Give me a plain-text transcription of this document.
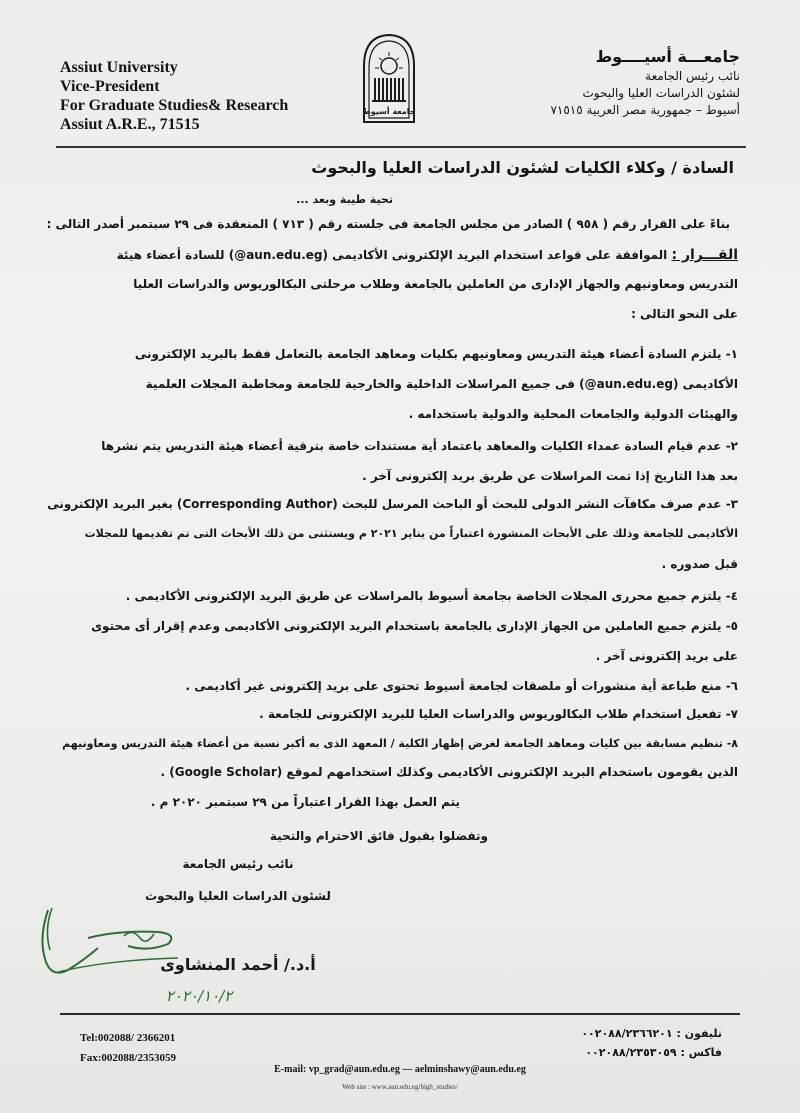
Assiut University
Vice-President
For Graduate Studies& Research
Assiut A.R.E., 71515
جامعة أسيوط
جامعـــة أسيــــوط
نائب رئيس الجامعة
لشئون الدراسات العليا والبحوث
أسيوط – جمهورية مصر العربية ٧١٥١٥
السادة / وكلاء الكليات لشئون الدراسات العليا والبحوث
تحية طيبة وبعد ...
بناءً على القرار رقم ( ٩٥٨ ) الصادر من مجلس الجامعة فى جلسته رقم ( ٧١٣ ) المنعقدة فى ٢٩ سبتمبر أصدر التالى :
القـــرار : الموافقة على قواعد استخدام البريد الإلكترونى الأكاديمى (aun.edu.eg@) للسادة أعضاء هيئة
التدريس ومعاونيهم والجهاز الإدارى من العاملين بالجامعة وطلاب مرحلتى البكالوريوس والدراسات العليا
على النحو التالى :
١- يلتزم السادة أعضاء هيئة التدريس ومعاونيهم بكليات ومعاهد الجامعة بالتعامل فقط بالبريد الإلكترونى
الأكاديمى (aun.edu.eg@) فى جميع المراسلات الداخلية والخارجية للجامعة ومخاطبة المجلات العلمية
والهيئات الدولية والجامعات المحلية والدولية باستخدامه .
٢- عدم قيام السادة عمداء الكليات والمعاهد باعتماد أية مستندات خاصة بترقية أعضاء هيئة التدريس يتم نشرها
بعد هذا التاريخ إذا تمت المراسلات عن طريق بريد إلكترونى آخر .
٣- عدم صرف مكافآت النشر الدولى للبحث أو الباحث المرسل للبحث (Corresponding Author) بغير البريد الإلكترونى
الأكاديمى للجامعة وذلك على الأبحاث المنشورة اعتباراً من يناير ٢٠٢١ م ويستثنى من ذلك الأبحاث التى تم تقديمها للمجلات
قبل صدوره .
٤- يلتزم جميع محررى المجلات الخاصة بجامعة أسيوط بالمراسلات عن طريق البريد الإلكترونى الأكاديمى .
٥- يلتزم جميع العاملين من الجهاز الإدارى بالجامعة باستخدام البريد الإلكترونى الأكاديمى وعدم إقرار أى محتوى
على بريد إلكترونى آخر .
٦- منع طباعة أية منشورات أو ملصقات لجامعة أسيوط تحتوى على بريد إلكترونى غير أكاديمى .
٧- تفعيل استخدام طلاب البكالوريوس والدراسات العليا للبريد الإلكترونى للجامعة .
٨- تنظيم مسابقة بين كليات ومعاهد الجامعة لغرض إظهار الكلية / المعهد الذى به أكبر نسبة من أعضاء هيئة التدريس ومعاونيهم
الذين يقومون باستخدام البريد الإلكترونى الأكاديمى وكذلك استخدامهم لموقع (Google Scholar) .
يتم العمل بهذا القرار اعتباراً من ٢٩ سبتمبر ٢٠٢٠ م .
وتفضلوا بقبول فائق الاحترام والتحية
نائب رئيس الجامعة
لشئون الدراسات العليا والبحوث
أ.د./ أحمد المنشاوى
٢٠٢٠/١٠/٢
Tel:002088/ 2366201
Fax:002088/2353059
تليفون : ٠٠٢٠٨٨/٢٣٦٦٢٠١
فاكس : ٠٠٢٠٨٨/٢٣٥٣٠٥٩
E-mail: vp_grad@aun.edu.eg — aelminshawy@aun.edu.eg
Web site : www.aun.edu.eg/high_studies/
